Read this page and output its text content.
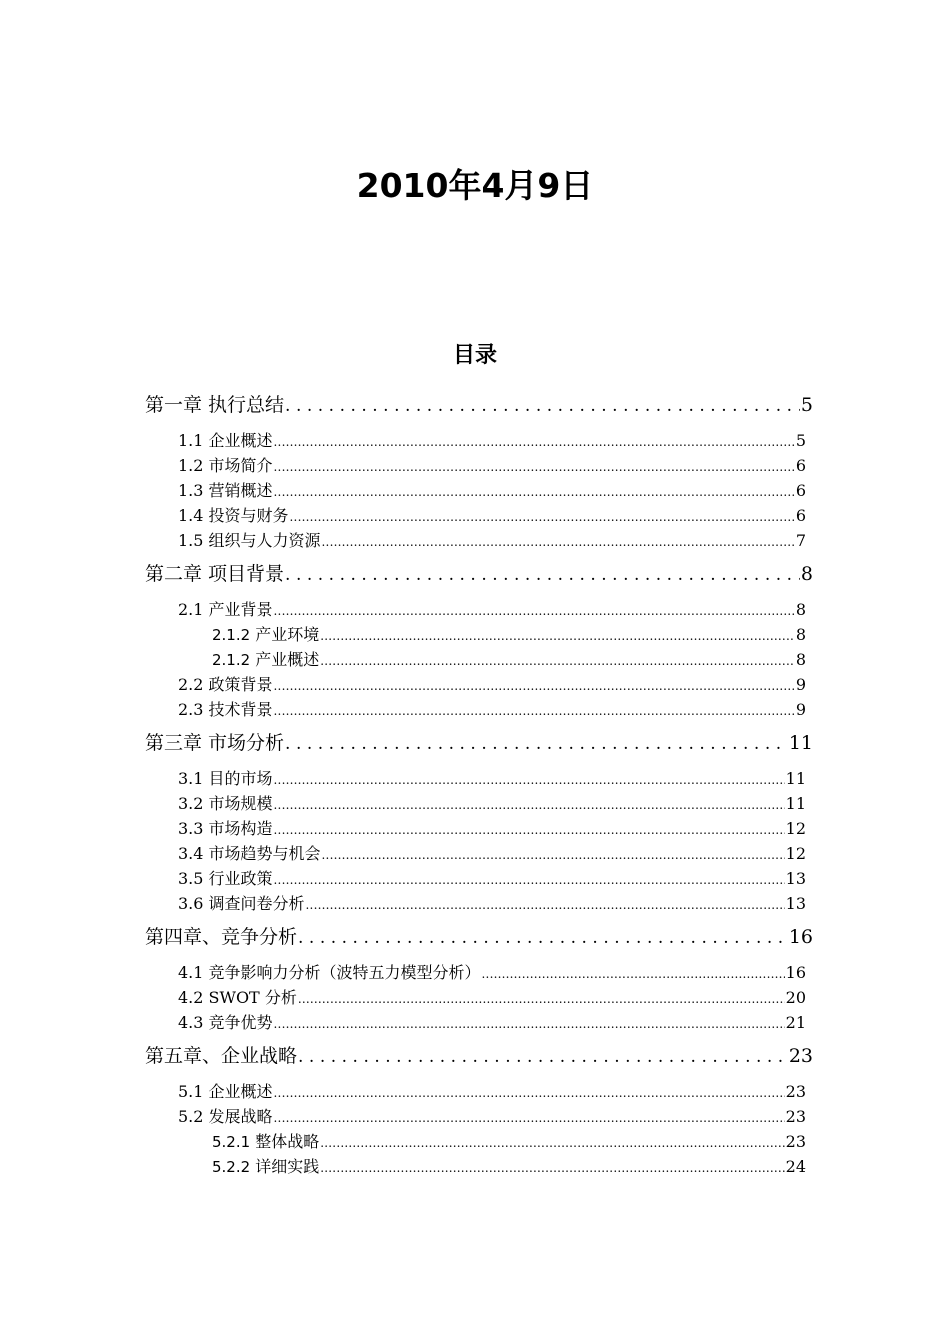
2010年4月9日
目录
第一章 执行总结 .....	5
1.1 企业概述 .....	5
1.2 市场简介 .....	6
1.3 营销概述 .....	6
1.4 投资与财务 .....	6
1.5 组织与人力资源 .....	7
第二章 项目背景 .....	8
2.1 产业背景 .....	8
2.1.2 产业环境 .....	8
2.1.2 产业概述 .....	8
2.2 政策背景 .....	9
2.3 技术背景 .....	9
第三章 市场分析 .....	11
3.1 目的市场 .....	11
3.2 市场规模 .....	11
3.3 市场构造 .....	12
3.4 市场趋势与机会 .....	12
3.5 行业政策 .....	13
3.6 调查问卷分析 .....	13
第四章、竞争分析 .....	16
4.1 竞争影响力分析（波特五力模型分析） .....	16
4.2 SWOT 分析 .....	20
4.3 竞争优势 .....	21
第五章、企业战略 .....	23
5.1 企业概述 .....	23
5.2 发展战略 .....	23
5.2.1 整体战略 .....	23
5.2.2 详细实践 .....	24
